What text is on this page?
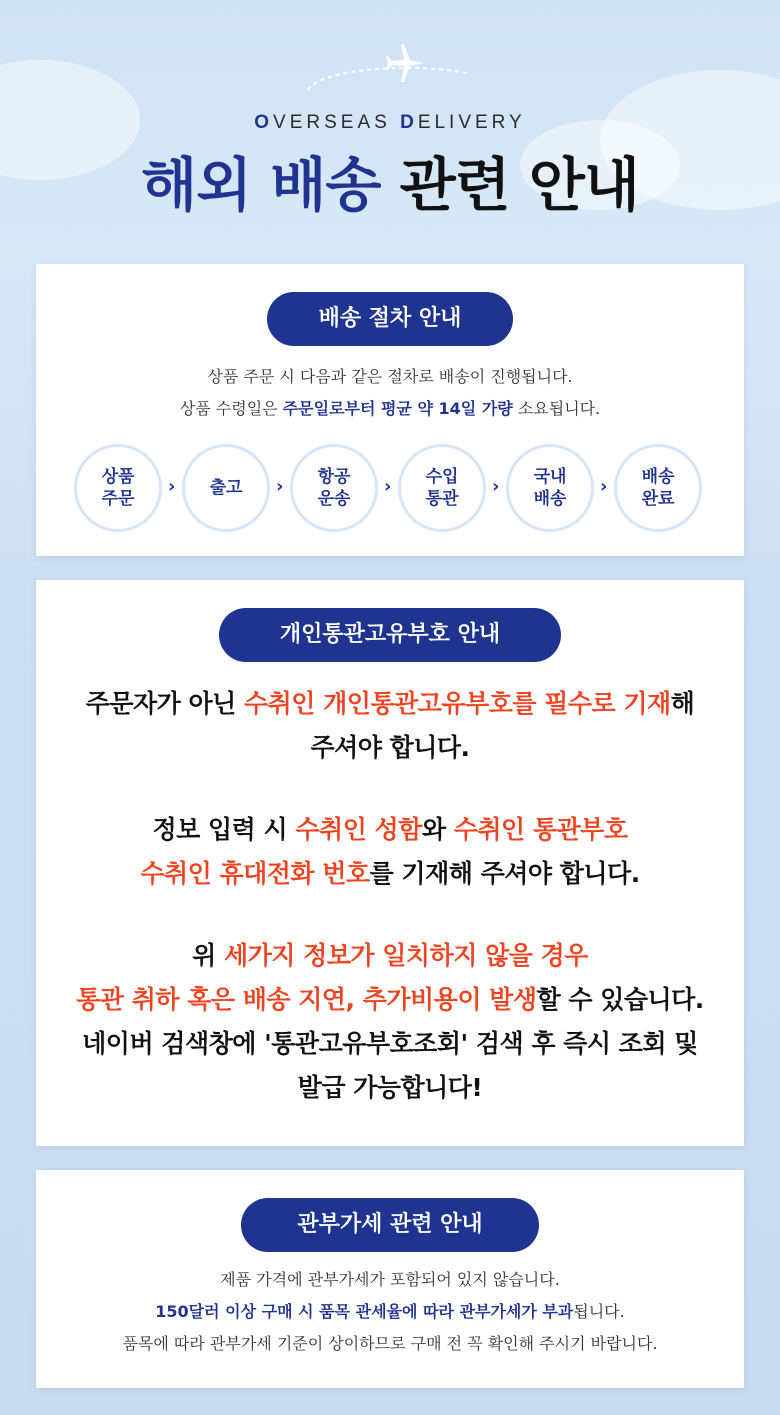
OVERSEAS DELIVERY
해외 배송 관련 안내
배송 절차 안내
상품 주문 시 다음과 같은 절차로 배송이 진행됩니다.
상품 수령일은 주문일로부터 평균 약 14일 가량 소요됩니다.
상품
주문
› 출고 › 항공
운송
› 수입
통관
› 국내
배송
› 배송
완료
개인통관고유부호 안내
주문자가 아닌 수취인 개인통관고유부호를 필수로 기재해
주셔야 합니다.
정보 입력 시 수취인 성함와 수취인 통관부호
수취인 휴대전화 번호를 기재해 주셔야 합니다.
위 세가지 정보가 일치하지 않을 경우
통관 취하 혹은 배송 지연, 추가비용이 발생할 수 있습니다.
네이버 검색창에 '통관고유부호조회' 검색 후 즉시 조회 및
발급 가능합니다!
관부가세 관련 안내
제품 가격에 관부가세가 포함되어 있지 않습니다.
150달러 이상 구매 시 품목 관세율에 따라 관부가세가 부과됩니다.
품목에 따라 관부가세 기준이 상이하므로 구매 전 꼭 확인해 주시기 바랍니다.
